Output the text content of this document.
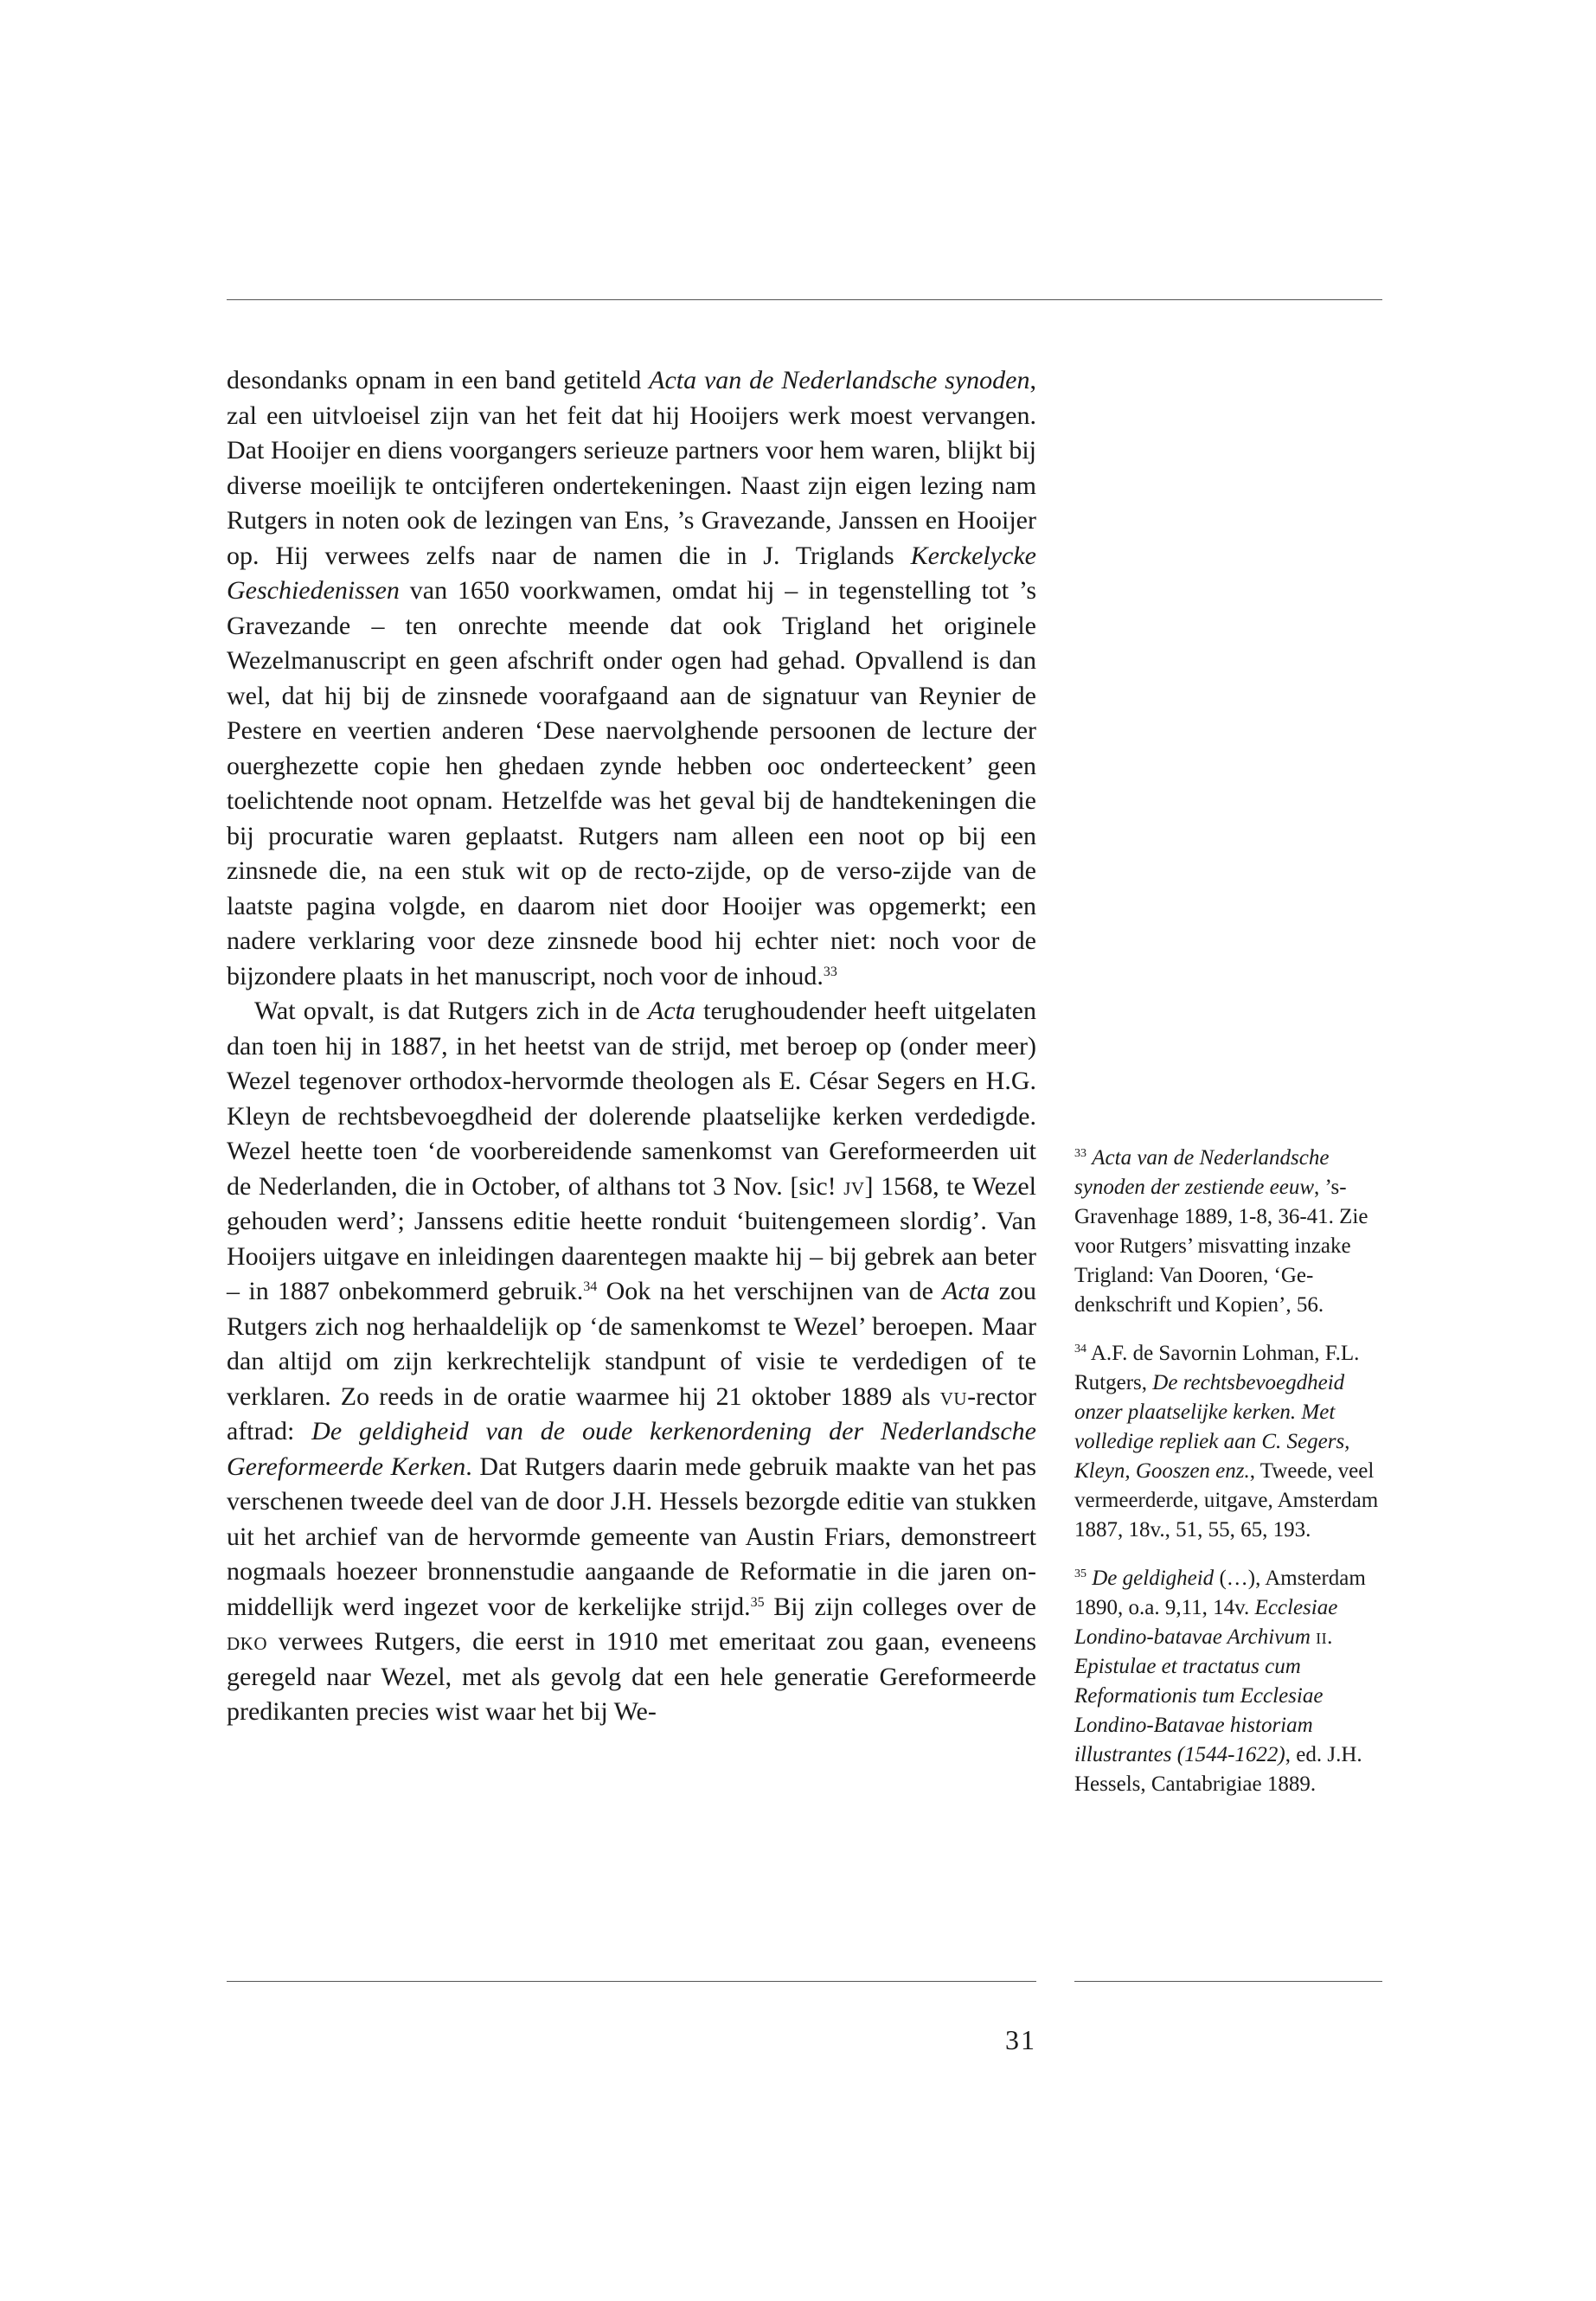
desondanks opnam in een band getiteld Acta van de Nederlandsche synoden, zal een uitvloeisel zijn van het feit dat hij Hooijers werk moest vervangen. Dat Hooijer en diens voorgangers serieuze partners voor hem waren, blijkt bij diverse moeilijk te ontcijferen ondertekeningen. Naast zijn eigen lezing nam Rutgers in noten ook de lezingen van Ens, ’s Gravezande, Janssen en Hooijer op. Hij verwees zelfs naar de namen die in J. Triglands Kerckelycke Geschiedenissen van 1650 voorkwamen, omdat hij – in tegenstelling tot ’s Gravezande – ten onrechte meende dat ook Trigland het originele Wezelmanuscript en geen afschrift onder ogen had gehad. Opvallend is dan wel, dat hij bij de zinsnede voorafgaand aan de signatuur van Reynier de Pestere en veertien anderen ‘Dese naervolghende persoonen de lecture der ouerghezette copie hen ghedaen zynde hebben ooc onderteeckent’ geen toelichtende noot opnam. Hetzelfde was het geval bij de handtekeningen die bij procuratie waren geplaatst. Rutgers nam alleen een noot op bij een zinsnede die, na een stuk wit op de recto-zijde, op de verso-zijde van de laatste pagina volgde, en daarom niet door Hooijer was opgemerkt; een nadere verklaring voor deze zinsnede bood hij echter niet: noch voor de bijzondere plaats in het manuscript, noch voor de inhoud.$^{33}$

Wat opvalt, is dat Rutgers zich in de Acta terughoudender heeft uitgelaten dan toen hij in 1887, in het heetst van de strijd, met beroep op (onder meer) Wezel tegenover orthodox-hervormde theologen als E. César Segers en H.G. Kleyn de rechtsbevoegdheid der dolerende plaatselijke kerken verdedigde. Wezel heette toen ‘de voorbereidende samenkomst van Gereformeerden uit de Nederlanden, die in October, of althans tot 3 Nov. [sic! jv] 1568, te Wezel gehouden werd’; Janssens editie heette ronduit ‘buitengemeen slordig’. Van Hooijers uitgave en inleidingen daarentegen maakte hij – bij gebrek aan beter – in 1887 onbekommerd gebruik.$^{34}$ Ook na het verschijnen van de Acta zou Rutgers zich nog herhaaldelijk op ‘de samenkomst te Wezel’ beroepen. Maar dan altijd om zijn kerkrechtelijk standpunt of visie te verdedigen of te verklaren. Zo reeds in de oratie waarmee hij 21 oktober 1889 als vu-rector aftrad: De geldigheid van de oude kerkenordening der Nederlandsche Gereformeerde Kerken. Dat Rutgers daarin mede gebruik maakte van het pas verschenen tweede deel van de door J.H. Hessels bezorgde editie van stukken uit het archief van de hervormde gemeente van Austin Friars, demonstreert nogmaals hoezeer bronnenstudie aangaande de Reformatie in die jaren onmiddellijk werd ingezet voor de kerkelijke strijd.$^{35}$ Bij zijn colleges over de dko verwees Rutgers, die eerst in 1910 met emeritaat zou gaan, eveneens geregeld naar Wezel, met als gevolg dat een hele generatie Gereformeerde predikanten precies wist waar het bij We-

$^{33}$ Acta van de Nederlandsche synoden der zestiende eeuw, ’s-Gravenhage 1889, 1-8, 36-41. Zie voor Rutgers’ misvatting inzake Trigland: Van Dooren, ‘Gedenkschrift und Kopien’, 56.

$^{34}$ A.F. de Savornin Lohman, F.L. Rutgers, De rechtsbevoegdheid onzer plaatselijke kerken. Met volledige repliek aan C. Segers, Kleyn, Gooszen enz., Tweede, veel vermeerderde, uitgave, Amsterdam 1887, 18v., 51, 55, 65, 193.

$^{35}$ De geldigheid (…), Amsterdam 1890, o.a. 9,11, 14v. Ecclesiae Londino-batavae Archivum ii. Epistulae et tractatus cum Reformationis tum Ecclesiae Londino-Batavae historiam illustrantes (1544-1622), ed. J.H. Hessels, Cantabrigiae 1889.

31
